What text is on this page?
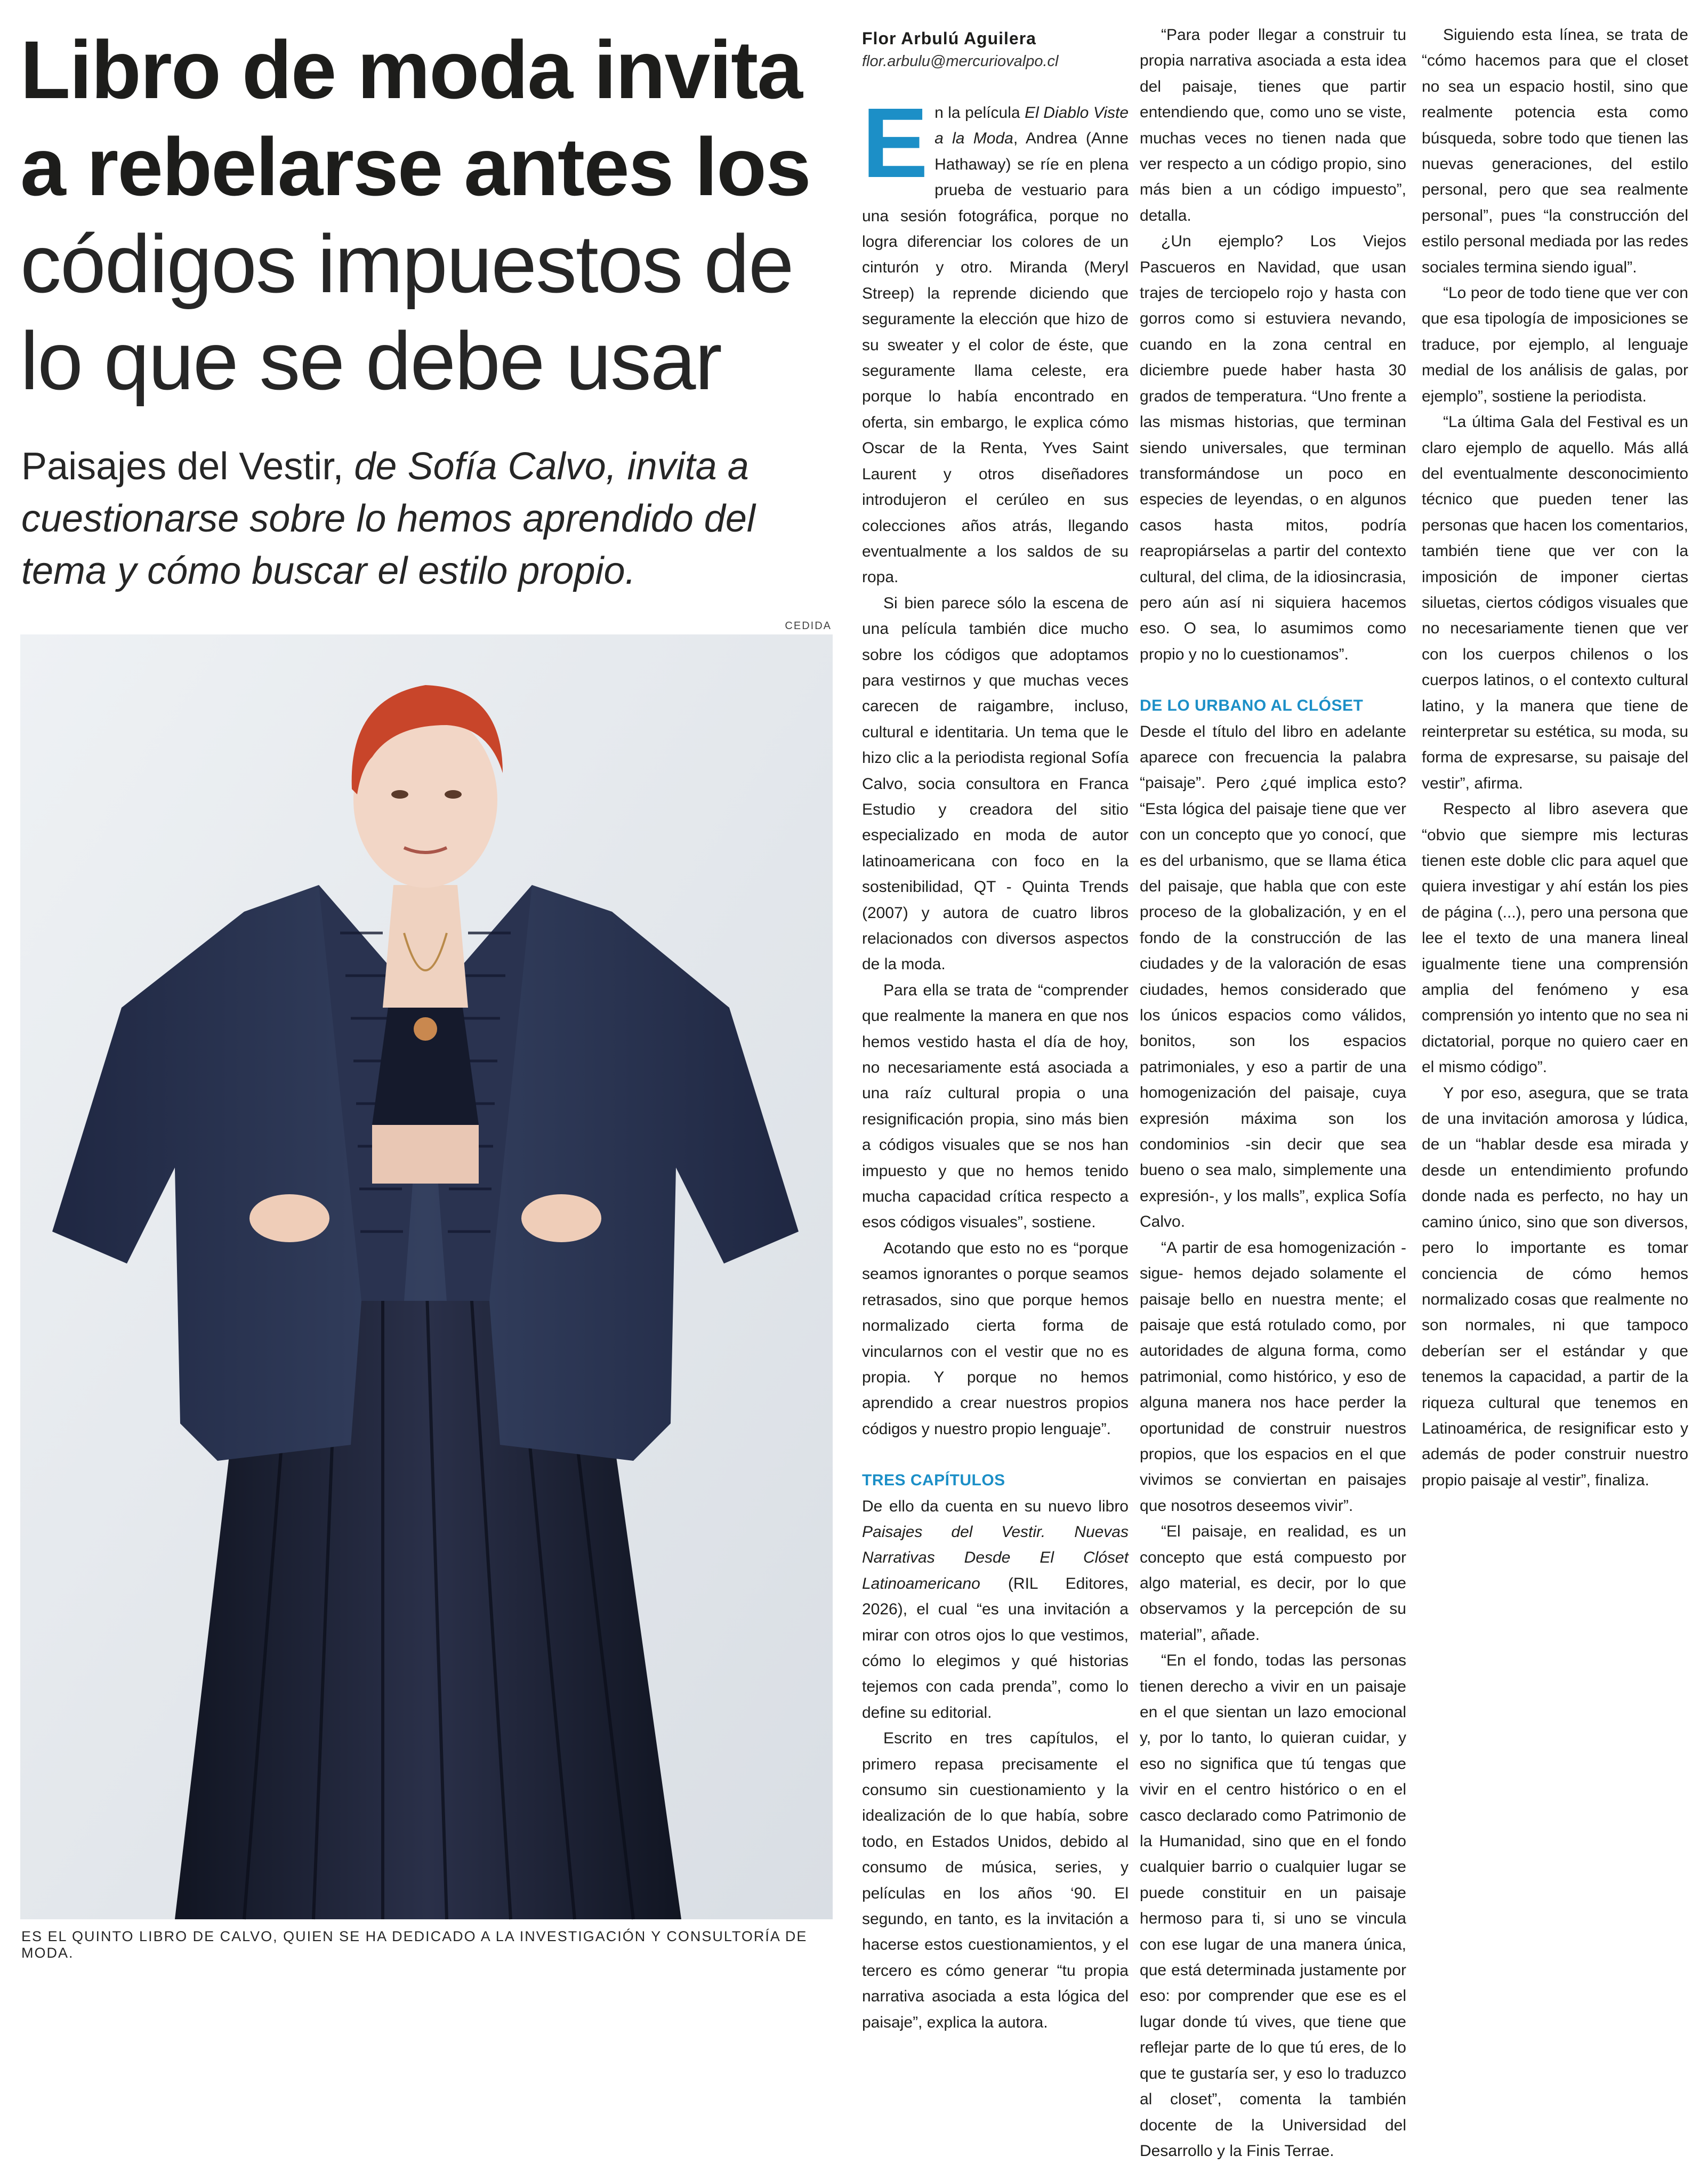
Libro de moda invita
a rebelarse antes los
códigos impuestos de
lo que se debe usar

Paisajes del Vestir, de Sofía Calvo, invita a cuestionarse sobre lo hemos aprendido del tema y cómo buscar el estilo propio.

CEDIDA
ES EL QUINTO LIBRO DE CALVO, QUIEN SE HA DEDICADO A LA INVESTIGACIÓN Y CONSULTORÍA DE MODA.
Flor Arbulú Aguilera
flor.arbulu@mercuriovalpo.cl

En la película El Diablo Viste a la Moda, Andrea (Anne Hathaway) se ríe en plena prueba de vestuario para una sesión fotográfica, porque no logra diferenciar los colores de un cinturón y otro. Miranda (Meryl Streep) la reprende diciendo que seguramente la elección que hizo de su sweater y el color de éste, que seguramente llama celeste, era porque lo había encontrado en oferta, sin embargo, le explica cómo Oscar de la Renta, Yves Saint Laurent y otros diseñadores introdujeron el cerúleo en sus colecciones años atrás, llegando eventualmente a los saldos de su ropa.

Si bien parece sólo la escena de una película también dice mucho sobre los códigos que adoptamos para vestirnos y que muchas veces carecen de raigambre, incluso, cultural e identitaria. Un tema que le hizo clic a la periodista regional Sofía Calvo, socia consultora en Franca Estudio y creadora del sitio especializado en moda de autor latinoamericana con foco en la sostenibilidad, QT - Quinta Trends (2007) y autora de cuatro libros relacionados con diversos aspectos de la moda.

Para ella se trata de “comprender que realmente la manera en que nos hemos vestido hasta el día de hoy, no necesariamente está asociada a una raíz cultural propia o una resignificación propia, sino más bien a códigos visuales que se nos han impuesto y que no hemos tenido mucha capacidad crítica respecto a esos códigos visuales”, sostiene.

Acotando que esto no es “porque seamos ignorantes o porque seamos retrasados, sino que porque hemos normalizado cierta forma de vincularnos con el vestir que no es propia. Y porque no hemos aprendido a crear nuestros propios códigos y nuestro propio lenguaje”.

TRES CAPÍTULOS

De ello da cuenta en su nuevo libro Paisajes del Vestir. Nuevas Narrativas Desde El Clóset Latinoamericano (RIL Editores, 2026), el cual “es una invitación a mirar con otros ojos lo que vestimos, cómo lo elegimos y qué historias tejemos con cada prenda”, como lo define su editorial.

Escrito en tres capítulos, el primero repasa precisamente el consumo sin cuestionamiento y la idealización de lo que había, sobre todo, en Estados Unidos, debido al consumo de música, series, y películas en los años ‘90. El segundo, en tanto, es la invitación a hacerse estos cuestionamientos, y el tercero es cómo generar “tu propia narrativa asociada a esta lógica del paisaje”, explica la autora.

“Para poder llegar a construir tu propia narrativa asociada a esta idea del paisaje, tienes que partir entendiendo que, como uno se viste, muchas veces no tienen nada que ver respecto a un código propio, sino más bien a un código impuesto”, detalla.

¿Un ejemplo? Los Viejos Pascueros en Navidad, que usan trajes de terciopelo rojo y hasta con gorros como si estuviera nevando, cuando en la zona central en diciembre puede haber hasta 30 grados de temperatura. “Uno frente a las mismas historias, que terminan siendo universales, que terminan transformándose un poco en especies de leyendas, o en algunos casos hasta mitos, podría reapropiárselas a partir del contexto cultural, del clima, de la idiosincrasia, pero aún así ni siquiera hacemos eso. O sea, lo asumimos como propio y no lo cuestionamos”.

DE LO URBANO AL CLÓSET

Desde el título del libro en adelante aparece con frecuencia la palabra “paisaje”. Pero ¿qué implica esto? “Esta lógica del paisaje tiene que ver con un concepto que yo conocí, que es del urbanismo, que se llama ética del paisaje, que habla que con este proceso de la globalización, y en el fondo de la construcción de las ciudades y de la valoración de esas ciudades, hemos considerado que los únicos espacios como válidos, bonitos, son los espacios patrimoniales, y eso a partir de una homogenización del paisaje, cuya expresión máxima son los condominios -sin decir que sea bueno o sea malo, simplemente una expresión-, y los malls”, explica Sofía Calvo.

“A partir de esa homogenización -sigue- hemos dejado solamente el paisaje bello en nuestra mente; el paisaje que está rotulado como, por autoridades de alguna forma, como patrimonial, como histórico, y eso de alguna manera nos hace perder la oportunidad de construir nuestros propios, que los espacios en el que vivimos se conviertan en paisajes que nosotros deseemos vivir”.

“El paisaje, en realidad, es un concepto que está compuesto por algo material, es decir, por lo que observamos y la percepción de su material”, añade.

“En el fondo, todas las personas tienen derecho a vivir en un paisaje en el que sientan un lazo emocional y, por lo tanto, lo quieran cuidar, y eso no significa que tú tengas que vivir en el centro histórico o en el casco declarado como Patrimonio de la Humanidad, sino que en el fondo cualquier barrio o cualquier lugar se puede constituir en un paisaje hermoso para ti, si uno se vincula con ese lugar de una manera única, que está determinada justamente por eso: por comprender que ese es el lugar donde tú vives, que tiene que reflejar parte de lo que tú eres, de lo que te gustaría ser, y eso lo traduzco al closet”, comenta la también docente de la Universidad del Desarrollo y la Finis Terrae.

Siguiendo esta línea, se trata de “cómo hacemos para que el closet no sea un espacio hostil, sino que realmente potencia esta como búsqueda, sobre todo que tienen las nuevas generaciones, del estilo personal, pero que sea realmente personal”, pues “la construcción del estilo personal mediada por las redes sociales termina siendo igual”.

“Lo peor de todo tiene que ver con que esa tipología de imposiciones se traduce, por ejemplo, al lenguaje medial de los análisis de galas, por ejemplo”, sostiene la periodista.

“La última Gala del Festival es un claro ejemplo de aquello. Más allá del eventualmente desconocimiento técnico que pueden tener las personas que hacen los comentarios, también tiene que ver con la imposición de imponer ciertas siluetas, ciertos códigos visuales que no necesariamente tienen que ver con los cuerpos chilenos o los cuerpos latinos, o el contexto cultural latino, y la manera que tiene de reinterpretar su estética, su moda, su forma de expresarse, su paisaje del vestir”, afirma.

Respecto al libro asevera que “obvio que siempre mis lecturas tienen este doble clic para aquel que quiera investigar y ahí están los pies de página (...), pero una persona que lee el texto de una manera lineal igualmente tiene una comprensión amplia del fenómeno y esa comprensión yo intento que no sea ni dictatorial, porque no quiero caer en el mismo código”.

Y por eso, asegura, que se trata de una invitación amorosa y lúdica, de un “hablar desde esa mirada y desde un entendimiento profundo donde nada es perfecto, no hay un camino único, sino que son diversos, pero lo importante es tomar conciencia de cómo hemos normalizado cosas que realmente no son normales, ni que tampoco deberían ser el estándar y que tenemos la capacidad, a partir de la riqueza cultural que tenemos en Latinoamérica, de resignificar esto y además de poder construir nuestro propio paisaje al vestir”, finaliza.
